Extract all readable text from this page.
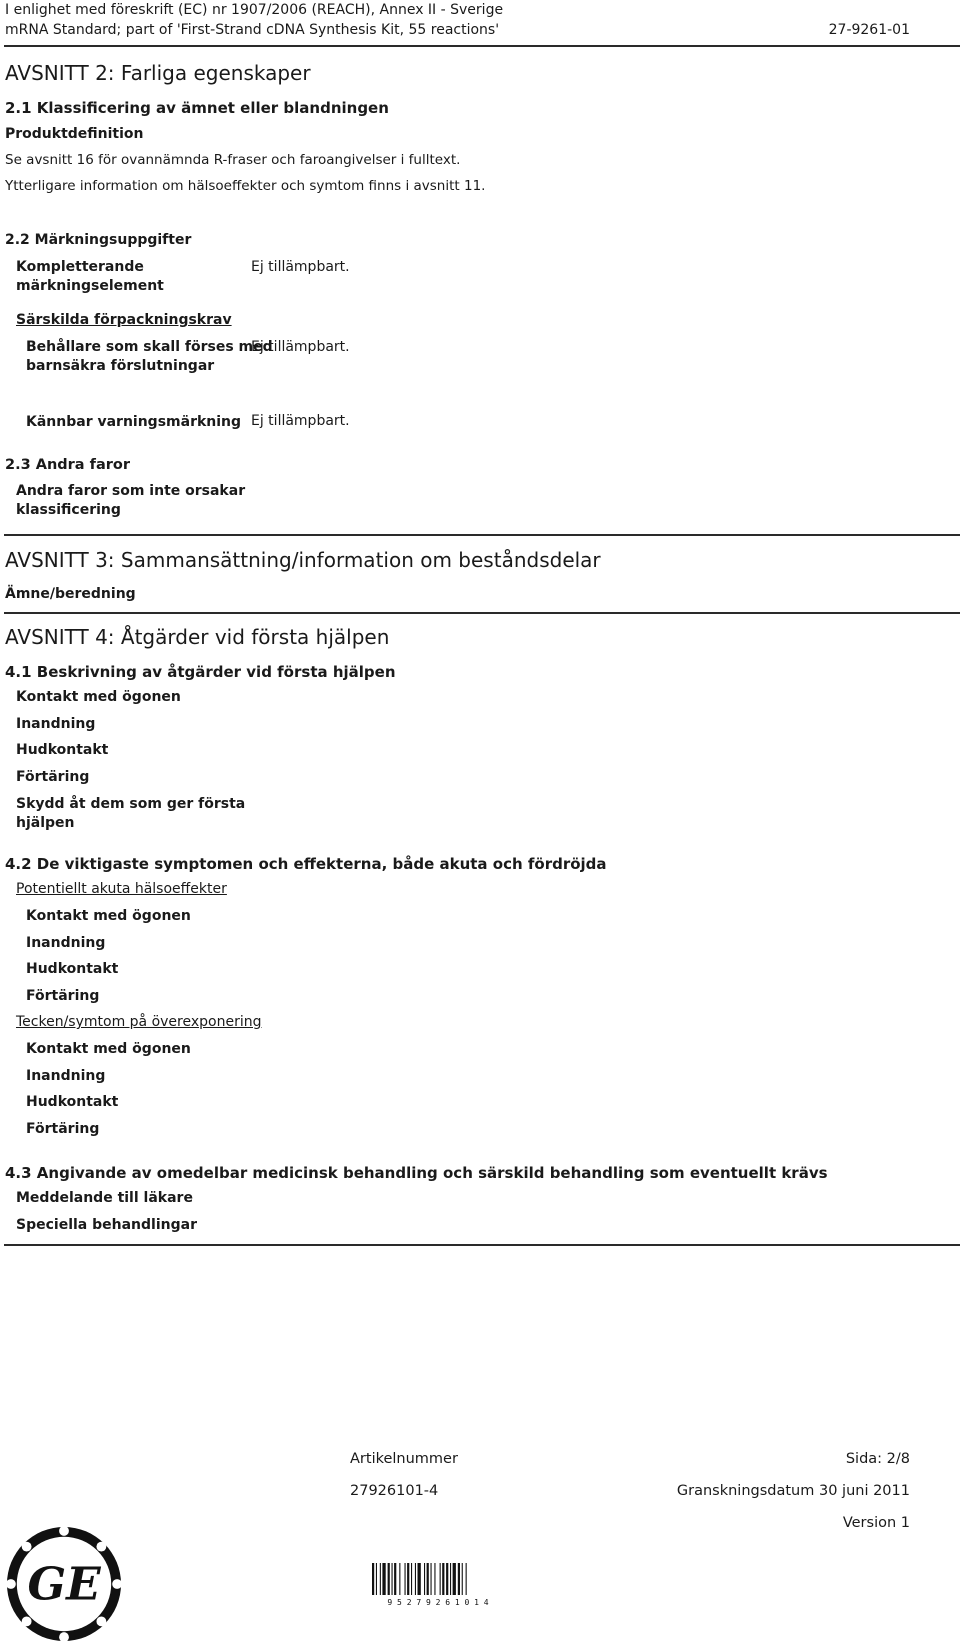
I enlighet med föreskrift (EC) nr 1907/2006 (REACH), Annex II - Sverige
mRNA Standard; part of 'First-Strand cDNA Synthesis Kit, 55 reactions'	27-9261-01
AVSNITT 2: Farliga egenskaper
2.1 Klassificering av ämnet eller blandningen
Produktdefinition
Se avsnitt 16 för ovannämnda R-fraser och faroangivelser i fulltext.
Ytterligare information om hälsoeffekter och symtom finns i avsnitt 11.
2.2 Märkningsuppgifter
Kompletterande
märkningselement
Ej tillämpbart.
Särskilda förpackningskrav
Behållare som skall förses med
barnsäkra förslutningar
Ej tillämpbart.
Kännbar varningsmärkning Ej tillämpbart.
2.3 Andra faror
Andra faror som inte orsakar
klassificering
AVSNITT 3: Sammansättning/information om beståndsdelar
Ämne/beredning
AVSNITT 4: Åtgärder vid första hjälpen
4.1 Beskrivning av åtgärder vid första hjälpen
Kontakt med ögonen
Inandning
Hudkontakt
Förtäring
Skydd åt dem som ger första
hjälpen
4.2 De viktigaste symptomen och effekterna, både akuta och fördröjda
Potentiellt akuta hälsoeffekter
Kontakt med ögonen
Inandning
Hudkontakt
Förtäring
Tecken/symtom på överexponering
Kontakt med ögonen
Inandning
Hudkontakt
Förtäring
4.3 Angivande av omedelbar medicinsk behandling och särskild behandling som eventuellt krävs
Meddelande till läkare
Speciella behandlingar
GE
Artikelnummer
27926101-4
Sida: 2/8
Granskningsdatum 30 juni 2011
Version 1
9 5 2 7 9 2 6 1 0 1 4
